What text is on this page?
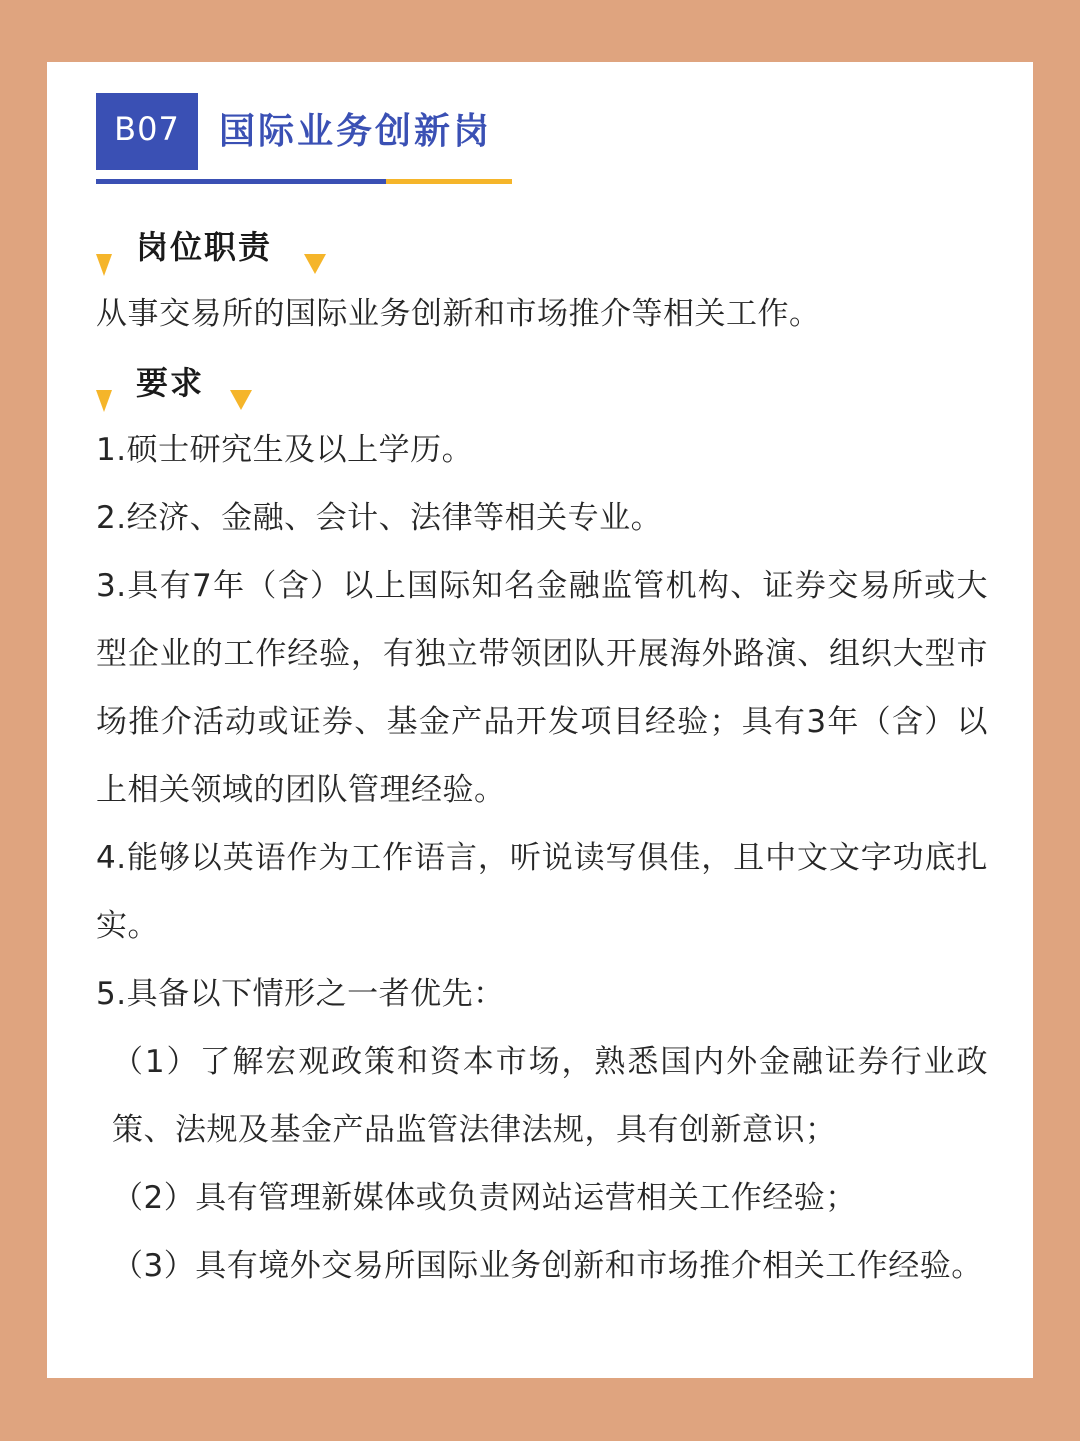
B07	国际业务创新岗
岗位职责
从事交易所的国际业务创新和市场推介等相关工作。
要求
1.硕士研究生及以上学历。
2.经济、金融、会计、法律等相关专业。
3.具有7年（含）以上国际知名金融监管机构、证券交易所或大型企业的工作经验，有独立带领团队开展海外路演、组织大型市场推介活动或证券、基金产品开发项目经验；具有3年（含）以上相关领域的团队管理经验。
4.能够以英语作为工作语言，听说读写俱佳，且中文文字功底扎实。
5.具备以下情形之一者优先：
（1）了解宏观政策和资本市场，熟悉国内外金融证券行业政策、法规及基金产品监管法律法规，具有创新意识；
（2）具有管理新媒体或负责网站运营相关工作经验；
（3）具有境外交易所国际业务创新和市场推介相关工作经验。
